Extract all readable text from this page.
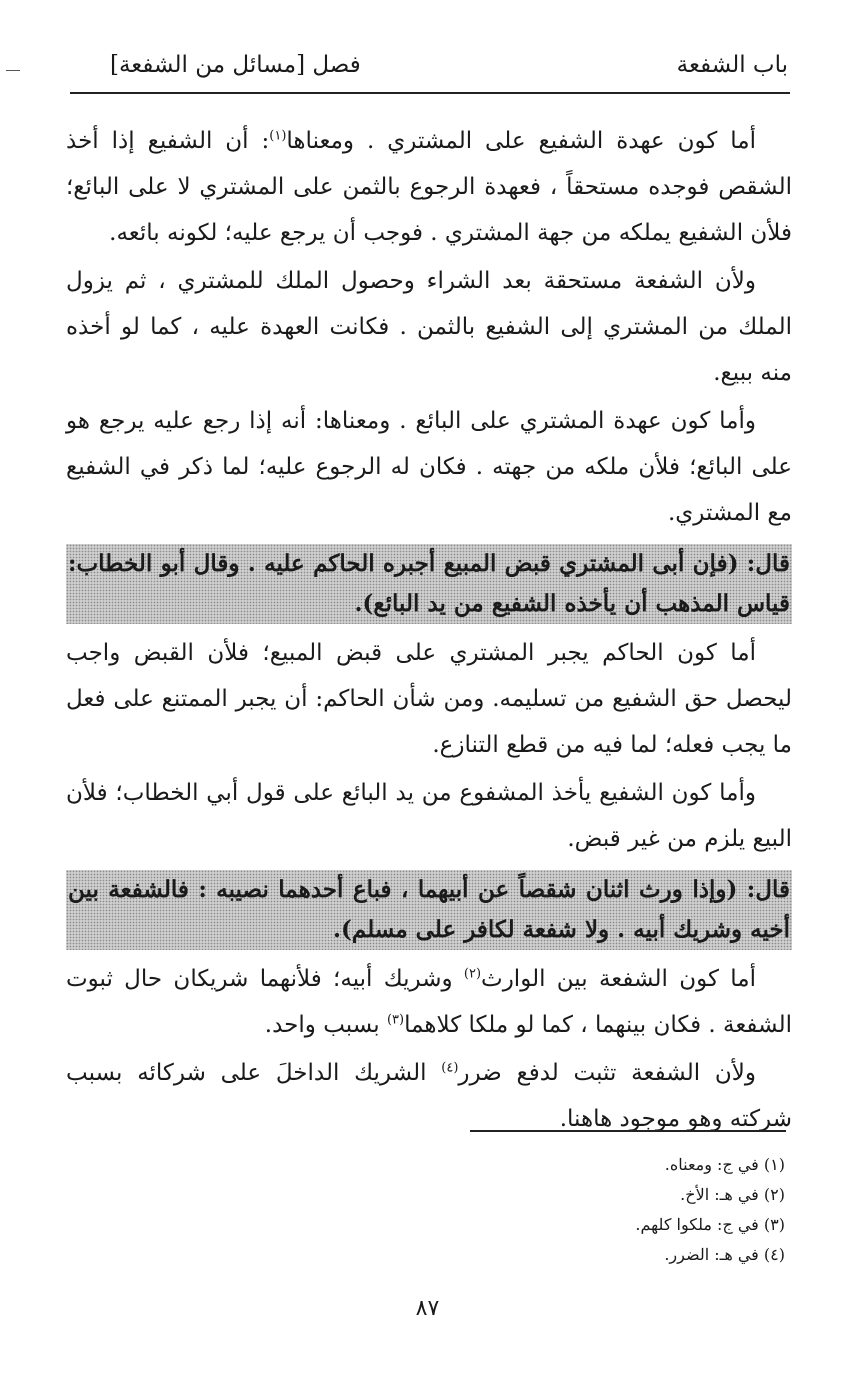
باب الشفعة
فصل [مسائل من الشفعة]

أما كون عهدة الشفيع على المشتري . ومعناها$^{(١)}$: أن الشفيع إذا أخذ الشقص فوجده مستحقاً ، فعهدة الرجوع بالثمن على المشتري لا على البائع؛ فلأن الشفيع يملكه من جهة المشتري . فوجب أن يرجع عليه؛ لكونه بائعه.

ولأن الشفعة مستحقة بعد الشراء وحصول الملك للمشتري ، ثم يزول الملك من المشتري إلى الشفيع بالثمن . فكانت العهدة عليه ، كما لو أخذه منه ببيع.

وأما كون عهدة المشتري على البائع . ومعناها: أنه إذا رجع عليه يرجع هو على البائع؛ فلأن ملكه من جهته . فكان له الرجوع عليه؛ لما ذكر في الشفيع مع المشتري.

قال: (فإن أبى المشتري قبض المبيع أجبره الحاكم عليه . وقال أبو الخطاب: قياس المذهب أن يأخذه الشفيع من يد البائع).

أما كون الحاكم يجبر المشتري على قبض المبيع؛ فلأن القبض واجب ليحصل حق الشفيع من تسليمه. ومن شأن الحاكم: أن يجبر الممتنع على فعل ما يجب فعله؛ لما فيه من قطع التنازع.

وأما كون الشفيع يأخذ المشفوع من يد البائع على قول أبي الخطاب؛ فلأن البيع يلزم من غير قبض.

قال: (وإذا ورث اثنان شقصاً عن أبيهما ، فباع أحدهما نصيبه : فالشفعة بين أخيه وشريك أبيه . ولا شفعة لكافر على مسلم).

أما كون الشفعة بين الوارث$^{(٢)}$ وشريك أبيه؛ فلأنهما شريكان حال ثبوت الشفعة . فكان بينهما ، كما لو ملكا كلاهما$^{(٣)}$ بسبب واحد.

ولأن الشفعة تثبت لدفع ضرر$^{(٤)}$ الشريك الداخلَ على شركائه بسبب شركته وهو موجود هاهنا.

(١) في ج: ومعناه.

(٢) في هـ: الأخ.

(٣) في ج: ملكوا كلهم.

(٤) في هـ: الضرر.

٨٧
